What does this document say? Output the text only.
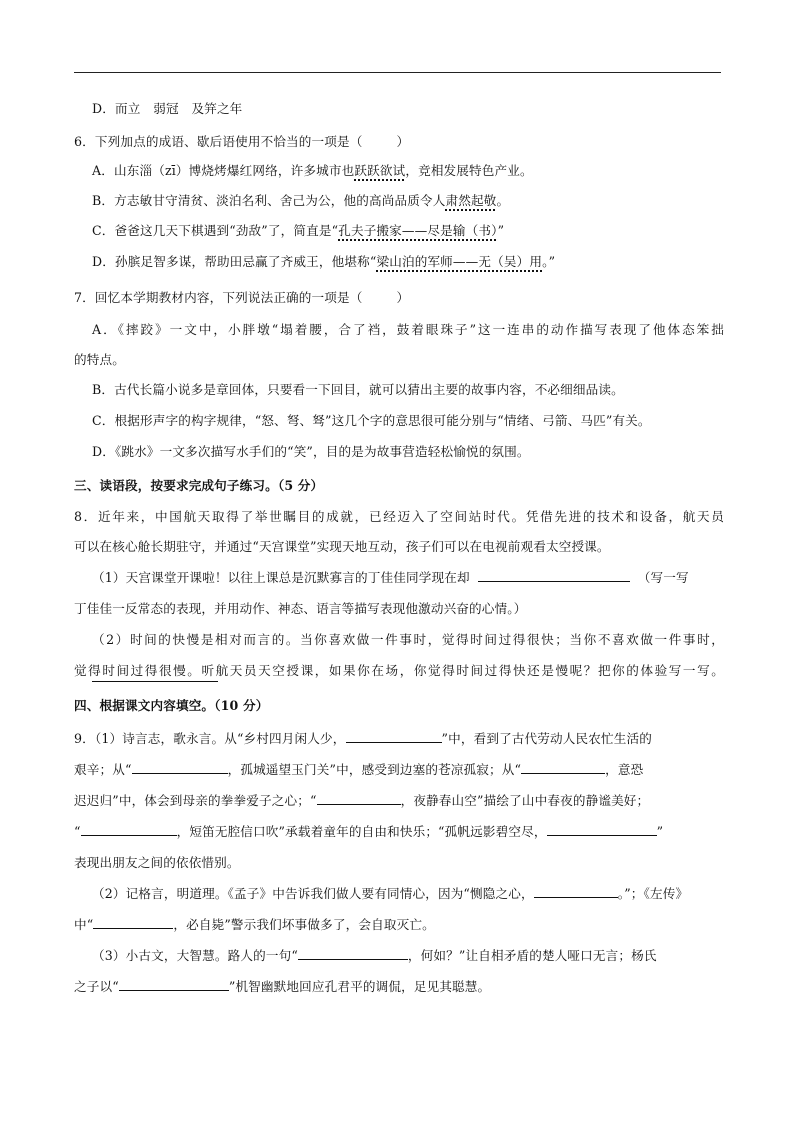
D．而立　弱冠　及笄之年
6．下列加点的成语、歇后语使用不恰当的一项是（	）
A．山东淄（zī）博烧烤爆红网络，许多城市也跃跃欲试，竞相发展特色产业。
B．方志敏甘守清贫、淡泊名利、舍己为公，他的高尚品质令人肃然起敬。
C．爸爸这几天下棋遇到“劲敌”了，简直是“孔夫子搬家——尽是输（书）”
D．孙膑足智多谋，帮助田忌赢了齐威王，他堪称“梁山泊的军师——无（吴）用。”
7．回忆本学期教材内容，下列说法正确的一项是（	）
A．《摔跤》一文中，小胖墩“塌着腰，合了裆，鼓着眼珠子”这一连串的动作描写表现了他体态笨拙
的特点。
B．古代长篇小说多是章回体，只要看一下回目，就可以猜出主要的故事内容，不必细细品读。
C．根据形声字的构字规律，“怒、弩、驽”这几个字的意思很可能分别与“情绪、弓箭、马匹”有关。
D．《跳水》一文多次描写水手们的“笑”，目的是为故事营造轻松愉悦的氛围。
三、读语段，按要求完成句子练习。（5 分）
8．近年来，中国航天取得了举世瞩目的成就，已经迈入了空间站时代。凭借先进的技术和设备，航天员
可以在核心舱长期驻守，并通过“天宫课堂”实现天地互动，孩子们可以在电视前观看太空授课。
（1）天宫课堂开课啦！以往上课总是沉默寡言的丁佳佳同学现在却	（写一写
丁佳佳一反常态的表现，并用动作、神态、语言等描写表现他激动兴奋的心情。）
（2）时间的快慢是相对而言的。当你喜欢做一件事时，觉得时间过得很快；当你不喜欢做一件事时，
觉得时间过得很慢。听航天员天空授课，如果你在场，你觉得时间过得快还是慢呢？把你的体验写一写。
四、根据课文内容填空。（10 分）
9．（1）诗言志，歌永言。从“乡村四月闲人少，	”中，看到了古代劳动人民农忙生活的
艰辛；从“	，孤城遥望玉门关”中，感受到边塞的苍凉孤寂；从“	，意恐
迟迟归”中，体会到母亲的拳拳爱子之心；“	，夜静春山空”描绘了山中春夜的静谧美好；
“	，短笛无腔信口吹”承载着童年的自由和快乐；“孤帆远影碧空尽，	”
表现出朋友之间的依依惜别。
（2）记格言，明道理。《孟子》中告诉我们做人要有同情心，因为“恻隐之心，	。”；《左传》
中“	，必自毙”警示我们坏事做多了，会自取灭亡。
（3）小古文，大智慧。路人的一句“	，何如？”让自相矛盾的楚人哑口无言；杨氏
之子以“	”机智幽默地回应孔君平的调侃，足见其聪慧。
